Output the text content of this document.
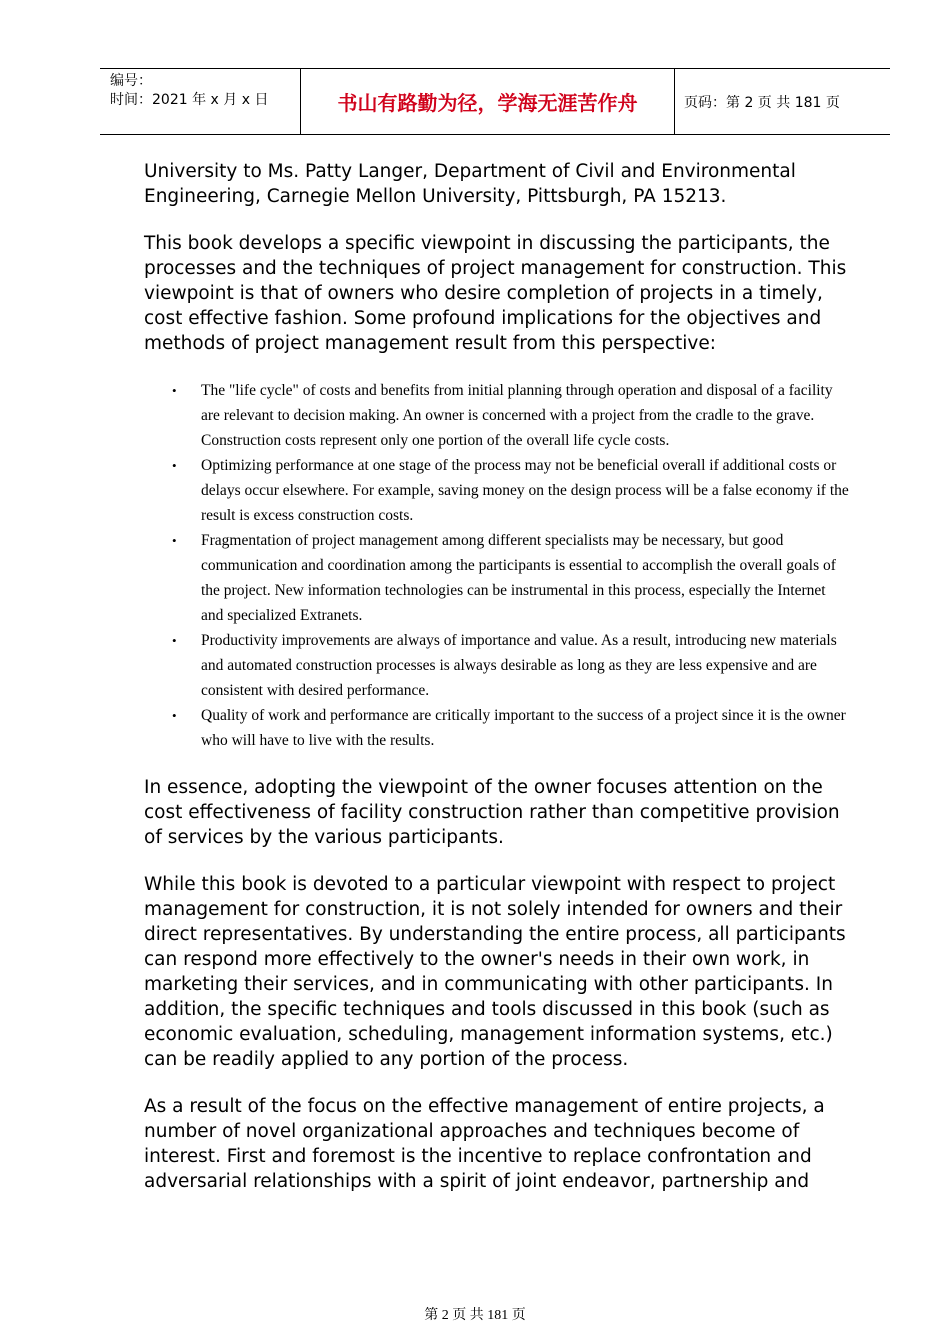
编号：
时间：2021 年 x 月 x 日	书山有路勤为径，学海无涯苦作舟	页码：第 2 页 共 181 页

University to Ms. Patty Langer, Department of Civil and Environmental Engineering, Carnegie Mellon University, Pittsburgh, PA 15213.

This book develops a specific viewpoint in discussing the participants, the processes and the techniques of project management for construction. This viewpoint is that of owners who desire completion of projects in a timely, cost effective fashion. Some profound implications for the objectives and methods of project management result from this perspective:

• The "life cycle" of costs and benefits from initial planning through operation and disposal of a facility are relevant to decision making. An owner is concerned with a project from the cradle to the grave. Construction costs represent only one portion of the overall life cycle costs.
• Optimizing performance at one stage of the process may not be beneficial overall if additional costs or delays occur elsewhere. For example, saving money on the design process will be a false economy if the result is excess construction costs.
• Fragmentation of project management among different specialists may be necessary, but good communication and coordination among the participants is essential to accomplish the overall goals of the project. New information technologies can be instrumental in this process, especially the Internet and specialized Extranets.
• Productivity improvements are always of importance and value. As a result, introducing new materials and automated construction processes is always desirable as long as they are less expensive and are consistent with desired performance.
• Quality of work and performance are critically important to the success of a project since it is the owner who will have to live with the results.

In essence, adopting the viewpoint of the owner focuses attention on the cost effectiveness of facility construction rather than competitive provision of services by the various participants.

While this book is devoted to a particular viewpoint with respect to project management for construction, it is not solely intended for owners and their direct representatives. By understanding the entire process, all participants can respond more effectively to the owner's needs in their own work, in marketing their services, and in communicating with other participants. In addition, the specific techniques and tools discussed in this book (such as economic evaluation, scheduling, management information systems, etc.) can be readily applied to any portion of the process.

As a result of the focus on the effective management of entire projects, a number of novel organizational approaches and techniques become of interest. First and foremost is the incentive to replace confrontation and adversarial relationships with a spirit of joint endeavor, partnership and

第 2 页 共 181 页
